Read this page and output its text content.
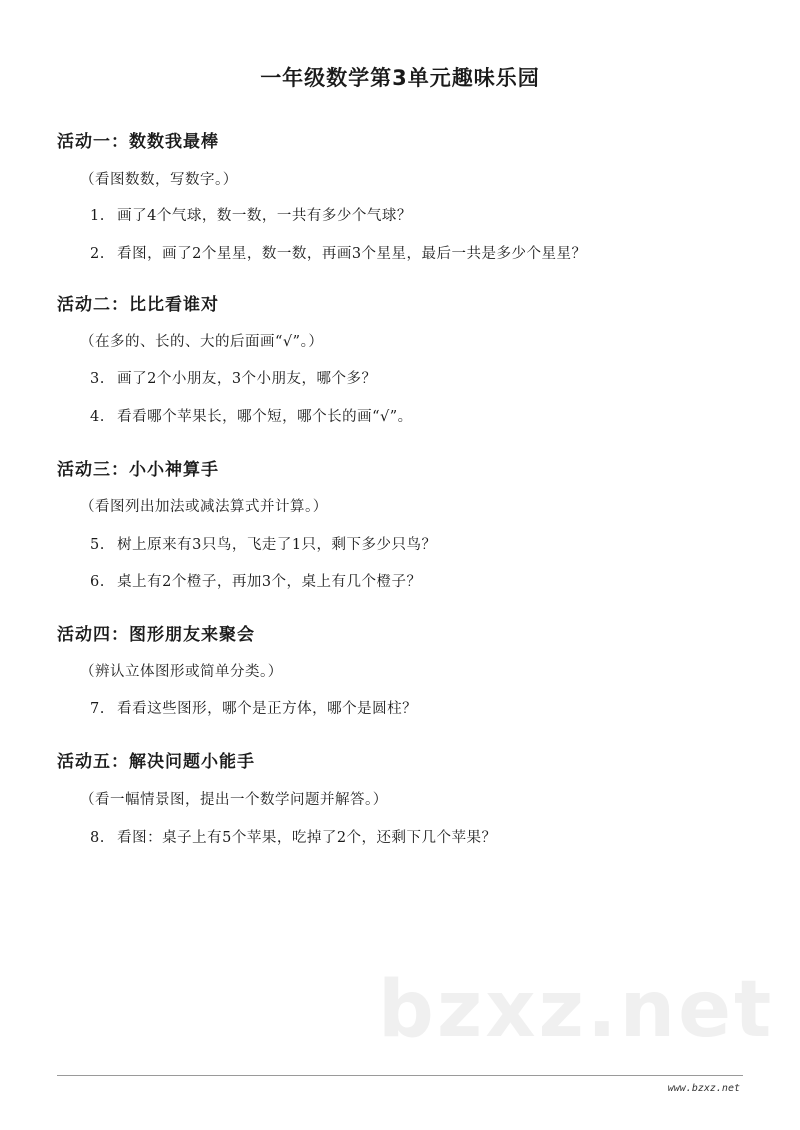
一年级数学第3单元趣味乐园
活动一：数数我最棒
（看图数数，写数字。）
1. 画了4个气球，数一数，一共有多少个气球？
2. 看图，画了2个星星，数一数，再画3个星星，最后一共是多少个星星？
活动二：比比看谁对
（在多的、长的、大的后面画“√”。）
3. 画了2个小朋友，3个小朋友，哪个多？
4. 看看哪个苹果长，哪个短，哪个长的画“√”。
活动三：小小神算手
（看图列出加法或减法算式并计算。）
5. 树上原来有3只鸟，飞走了1只，剩下多少只鸟？
6. 桌上有2个橙子，再加3个，桌上有几个橙子？
活动四：图形朋友来聚会
（辨认立体图形或简单分类。）
7. 看看这些图形，哪个是正方体，哪个是圆柱？
活动五：解决问题小能手
（看一幅情景图，提出一个数学问题并解答。）
8. 看图：桌子上有5个苹果，吃掉了2个，还剩下几个苹果？
bzxz.net
www.bzxz.net
